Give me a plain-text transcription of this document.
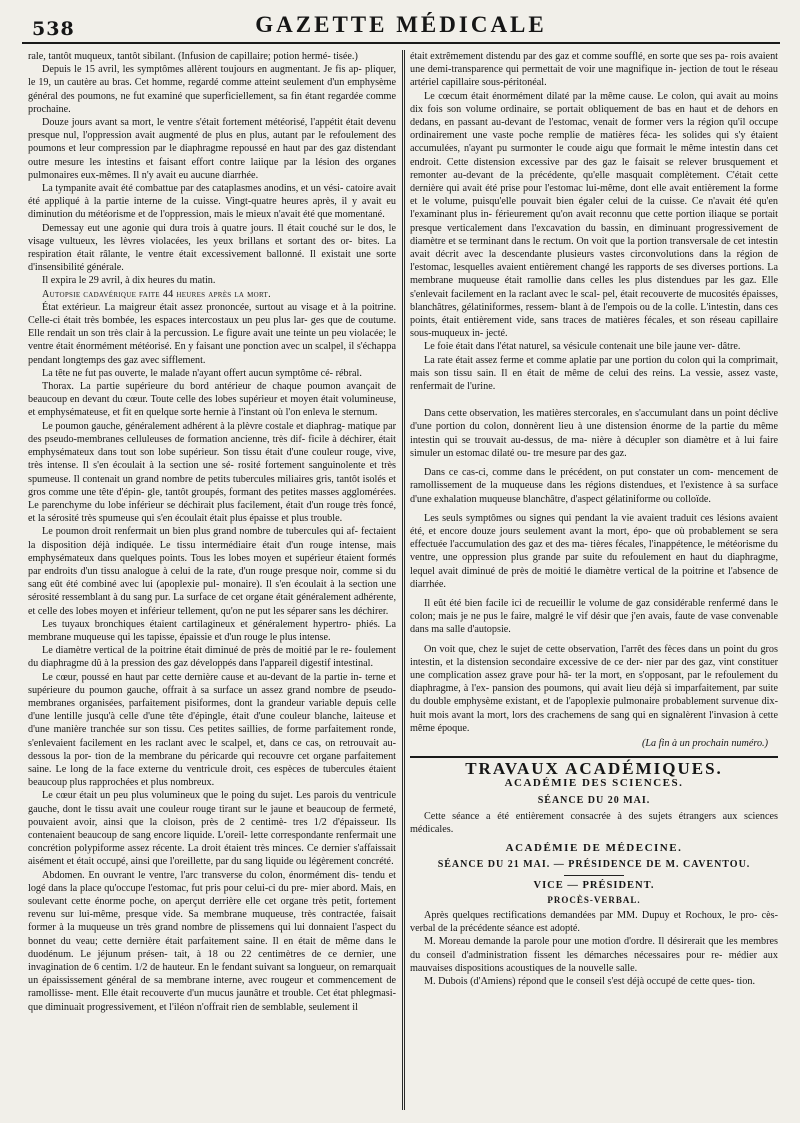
538	GAZETTE MÉDICALE

rale, tantôt muqueux, tantôt sibilant. (Infusion de capillaire; potion hermé- tisée.)

Depuis le 15 avril, les symptômes allèrent toujours en augmentant. Je fis ap- pliquer, le 19, un cautère au bras. Cet homme, regardé comme atteint seulement d'un emphysème général des poumons, ne fut examiné que superficiellement, sa fin étant regardée comme prochaine.

Douze jours avant sa mort, le ventre s'était fortement météorisé, l'appétit était devenu presque nul, l'oppression avait augmenté de plus en plus, autant par le refoulement des poumons et leur compression par le diaphragme repoussé en haut par des gaz distendant outre mesure les intestins et faisant effort contre laiique par la lésion des organes pulmonaires eux-mêmes. Il n'y avait eu aucune diarrhée.

La tympanite avait été combattue par des cataplasmes anodins, et un vési- catoire avait été appliqué à la partie interne de la cuisse. Vingt-quatre heures après, il y avait eu diminution du météorisme et de l'oppression, mais le mieux n'avait été que momentané.

Demessay eut une agonie qui dura trois à quatre jours. Il était couché sur le dos, le visage vultueux, les lèvres violacées, les yeux brillans et sortant des or- bites. La respiration était râlante, le ventre était excessivement ballonné. Il existait une sorte d'insensibilité générale.

Il expira le 29 avril, à dix heures du matin.

Autopsie cadavérique faite 44 heures après la mort.

État extérieur. La maigreur était assez prononcée, surtout au visage et à la poitrine. Celle-ci était très bombée, les espaces intercostaux un peu plus lar- ges que de coutume. Elle rendait un son très clair à la percussion. Le figure avait une teinte un peu violacée; le ventre était énormément météorisé. En y faisant une ponction avec un scalpel, il s'échappa pendant longtemps des gaz avec sifflement.

La tête ne fut pas ouverte, le malade n'ayant offert aucun symptôme cé- rébral.

Thorax. La partie supérieure du bord antérieur de chaque poumon avançait de beaucoup en devant du cœur. Toute celle des lobes supérieur et moyen était volumineuse, et emphysémateuse, et fit en quelque sorte hernie à l'instant où l'on enleva le sternum.

Le poumon gauche, généralement adhérent à la plèvre costale et diaphrag- matique par des pseudo-membranes celluleuses de formation ancienne, très dif- ficile à déchirer, était emphysémateux dans tout son lobe supérieur. Son tissu était d'une couleur rouge, vive, très intense. Il s'en écoulait à la section une sé- rosité fortement sanguinolente et très spumeuse. Il contenait un grand nombre de petits tubercules miliaires gris, tantôt isolés et gros comme une tête d'épin- gle, tantôt groupés, formant des petites masses agglomérées. Le parenchyme du lobe inférieur se déchirait plus facilement, était d'un rouge très foncé, et la sérosité très spumeuse qui s'en écoulait était plus épaisse et plus trouble.

Le poumon droit renfermait un bien plus grand nombre de tubercules qui af- fectaient la disposition déjà indiquée. Le tissu intermédiaire était d'un rouge intense, mais emphysémateux dans quelques points. Tous les lobes moyen et supérieur étaient formés par endroits d'un tissu analogue à celui de la rate, d'un rouge presque noir, comme si du sang eût été combiné avec lui (apoplexie pul- monaire). Il s'en écoulait à la section une sérosité ressemblant à du sang pur. La surface de cet organe était généralement adhérente, et celle des lobes moyen et inférieur tellement, qu'on ne put les séparer sans les déchirer.

Les tuyaux bronchiques étaient cartilagineux et généralement hypertro- phiés. La membrane muqueuse qui les tapisse, épaissie et d'un rouge le plus intense.

Le diamètre vertical de la poitrine était diminué de près de moitié par le re- foulement du diaphragme dû à la pression des gaz développés dans l'appareil digestif intestinal.

Le cœur, poussé en haut par cette dernière cause et au-devant de la partie in- terne et supérieure du poumon gauche, offrait à sa surface un assez grand nombre de pseudo-membranes organisées, parfaitement pisiformes, dont la grandeur variable depuis celle d'une lentille jusqu'à celle d'une tête d'épingle, était d'une couleur blanche, laiteuse et d'une manière tranchée sur son tissu. Ces petites saillies, de forme parfaitement ronde, s'enlevaient facilement en les raclant avec le scalpel, et, dans ce cas, on retrouvait au-dessous la por- tion de la membrane du péricarde qui recouvre cet organe parfaitement saine. Le long de la face externe du ventricule droit, ces espèces de tubercules étaient beaucoup plus rapprochées et plus nombreux.

Le cœur était un peu plus volumineux que le poing du sujet. Les parois du ventricule gauche, dont le tissu avait une couleur rouge tirant sur le jaune et beaucoup de fermeté, pouvaient avoir, ainsi que la cloison, près de 2 centimè- tres 1/2 d'épaisseur. Ils contenaient beaucoup de sang encore liquide. L'oreil- lette correspondante renfermait une concrétion polypiforme assez récente. La droit étaient très minces. Ce dernier s'affaissait aisément et était occupé, ainsi que l'oreillette, par du sang liquide ou légèrement concrété.

Abdomen. En ouvrant le ventre, l'arc transverse du colon, énormément dis- tendu et logé dans la place qu'occupe l'estomac, fut pris pour celui-ci du pre- mier abord. Mais, en soulevant cette énorme poche, on aperçut derrière elle cet organe très petit, fortement revenu sur lui-même, presque vide. Sa membrane muqueuse, très contractée, faisait former à la muqueuse un très grand nombre de plissemens qui lui donnaient l'aspect du bonnet du veau; cette dernière était parfaitement saine. Il en était de même dans le duodénum. Le jéjunum présen- tait, à 18 ou 22 centimètres de ce dernier, une invagination de 6 centim. 1/2 de hauteur. En le fendant suivant sa longueur, on remarquait un épaississement général de sa membrane interne, avec rougeur et commencement de ramollisse- ment. Elle était recouverte d'un mucus jaunâtre et trouble. Cet état phlegmasi- que diminuait progressivement, et l'iléon n'offrait rien de semblable, seulement il

était extrêmement distendu par des gaz et comme soufflé, en sorte que ses pa- rois avaient une demi-transparence qui permettait de voir une magnifique in- jection de tout le réseau artériel capillaire sous-péritonéal.

Le cœcum était énormément dilaté par la même cause. Le colon, qui avait au moins dix fois son volume ordinaire, se portait obliquement de bas en haut et de dehors en dedans, en passant au-devant de l'estomac, venait de former vers la région qu'il occupe ordinairement une vaste poche remplie de matières féca- les solides qui s'y étaient accumulées, n'ayant pu surmonter le coude aigu que formait le même intestin dans cet endroit. Cette distension excessive par des gaz le faisait se relever brusquement et remonter au-devant de la précédente, qu'elle masquait complètement. C'était cette dernière qui avait été prise pour l'estomac lui-même, dont elle avait entièrement la forme et le volume, puisqu'elle pouvait bien égaler celui de la cuisse. Ce n'avait été qu'en l'examinant plus in- férieurement qu'on avait reconnu que cette portion iliaque se portait presque verticalement dans l'excavation du bassin, en diminuant progressivement de diamètre et se terminant dans le rectum. On voit que la portion transversale de cet intestin avait décrit avec la descendante plusieurs vastes circonvolutions dans la région de l'estomac, lesquelles avaient entièrement changé les rapports de ses diverses portions. La membrane muqueuse était ramollie dans celles les plus distendues par les gaz. Elle s'enlevait facilement en la raclant avec le scal- pel, était recouverte de mucosités épaisses, blanchâtres, gélatiniformes, ressem- blant à de l'empois ou de la colle. L'intestin, dans ces points, était entièrement vide, sans traces de matières fécales, et son réseau capillaire sous-muqueux in- jecté.

Le foie était dans l'état naturel, sa vésicule contenait une bile jaune ver- dâtre.

La rate était assez ferme et comme aplatie par une portion du colon qui la comprimait, mais son tissu sain. Il en était de même de celui des reins. La vessie, assez vaste, renfermait de l'urine.

Dans cette observation, les matières stercorales, en s'accumulant dans un point déclive d'une portion du colon, donnèrent lieu à une distension énorme de la partie du même intestin qui se trouvait au-dessus, de ma- nière à décupler son diamètre et à lui faire simuler un estomac dilaté ou- tre mesure par des gaz.

Dans ce cas-ci, comme dans le précédent, on put constater un com- mencement de ramollissement de la muqueuse dans les régions distendues, et l'existence à sa surface d'une exhalation muqueuse blanchâtre, d'aspect gélatiniforme ou colloïde.

Les seuls symptômes ou signes qui pendant la vie avaient traduit ces lésions avaient été, et encore douze jours seulement avant la mort, épo- que où probablement se sera effectuée l'accumulation des gaz et des ma- tières fécales, l'inappétence, le météorisme du ventre, une oppression plus grande par suite du refoulement en haut du diaphragme, lequel avait diminué de près de moitié le diamètre vertical de la poitrine et l'absence de diarrhée.

Il eût été bien facile ici de recueillir le volume de gaz considérable renfermé dans le colon; mais je ne pus le faire, malgré le vif désir que j'en avais, faute de vase convenable dans ma salle d'autopsie.

On voit que, chez le sujet de cette observation, l'arrêt des fèces dans un point du gros intestin, et la distension secondaire excessive de ce der- nier par des gaz, vint constituer une complication assez grave pour hâ- ter la mort, en s'opposant, par le refoulement du diaphragme, à l'ex- pansion des poumons, qui avait lieu déjà si imparfaitement, par suite du double emphysème existant, et de l'apoplexie pulmonaire probablement survenue dix-huit mois avant la mort, lors des crachemens de sang qui en signalèrent l'invasion à cette même époque.

(La fin à un prochain numéro.)
TRAVAUX ACADÉMIQUES.
ACADÉMIE DES SCIENCES.
SÉANCE DU 20 MAI.

Cette séance a été entièrement consacrée à des sujets étrangers aux sciences médicales.

ACADÉMIE DE MÉDECINE.
SÉANCE DU 21 MAI. — PRÉSIDENCE DE M. CAVENTOU.
VICE — PRÉSIDENT.
PROCÈS-VERBAL.

Après quelques rectifications demandées par MM. Dupuy et Rochoux, le pro- cès-verbal de la précédente séance est adopté.

M. Moreau demande la parole pour une motion d'ordre. Il désirerait que les membres du conseil d'administration fissent les démarches nécessaires pour re- médier aux mauvaises dispositions acoustiques de la nouvelle salle.

M. Dubois (d'Amiens) répond que le conseil s'est déjà occupé de cette ques- tion.
